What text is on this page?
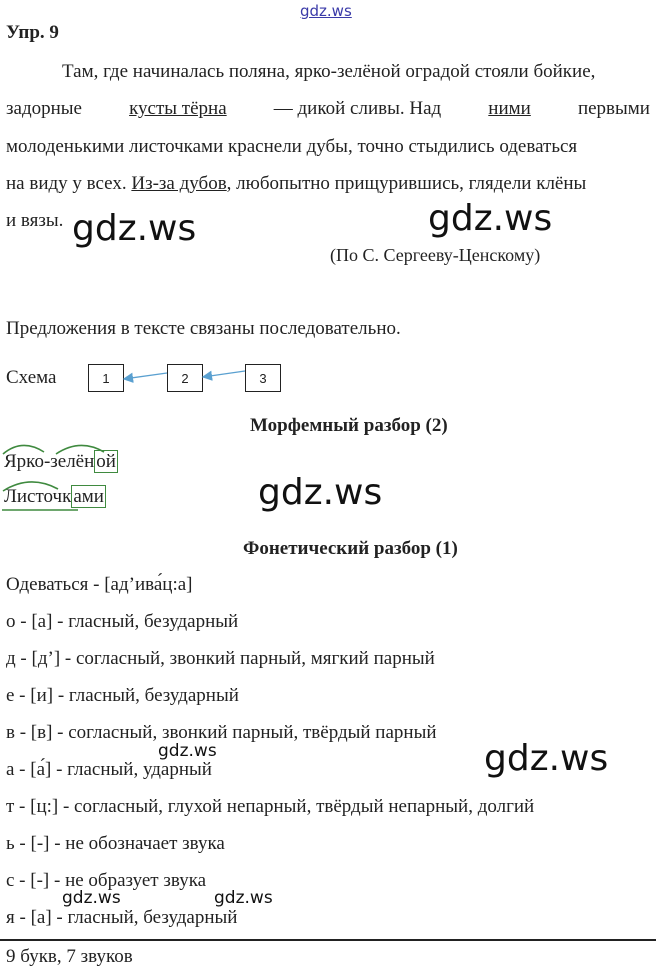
gdz.ws
Упр. 9
Там, где начиналась поляна, ярко-зелёной оградой стояли бойкие,
задорные кусты тёрна — дикой сливы. Над ними первыми
молоденькими листочками краснели дубы, точно стыдились одеваться
на виду у всех. Из-за дубов, любопытно прищурившись, глядели клёны
и вязы. gdz.ws	gdz.ws
(По С. Сергееву-Ценскому)
Предложения в тексте связаны последовательно.
Схема	1	2	3
Морфемный разбор (2)
Ярко-зелён ой
Листочк ами	gdz.ws
Фонетический разбор (1)
Одеваться - [ад’ива́ц:а]
о - [а] - гласный, безударный
д - [д’] - согласный, звонкий парный, мягкий парный
е - [и] - гласный, безударный
в - [в] - согласный, звонкий парный, твёрдый парный
а - [а́] - гласный, ударный
т - [ц:] - согласный, глухой непарный, твёрдый непарный, долгий
ь - [-] - не обозначает звука
с - [-] - не образует звука
я - [а] - гласный, безударный
gdz.ws	gdz.ws
gdz.ws	gdz.ws
9 букв, 7 звуков
